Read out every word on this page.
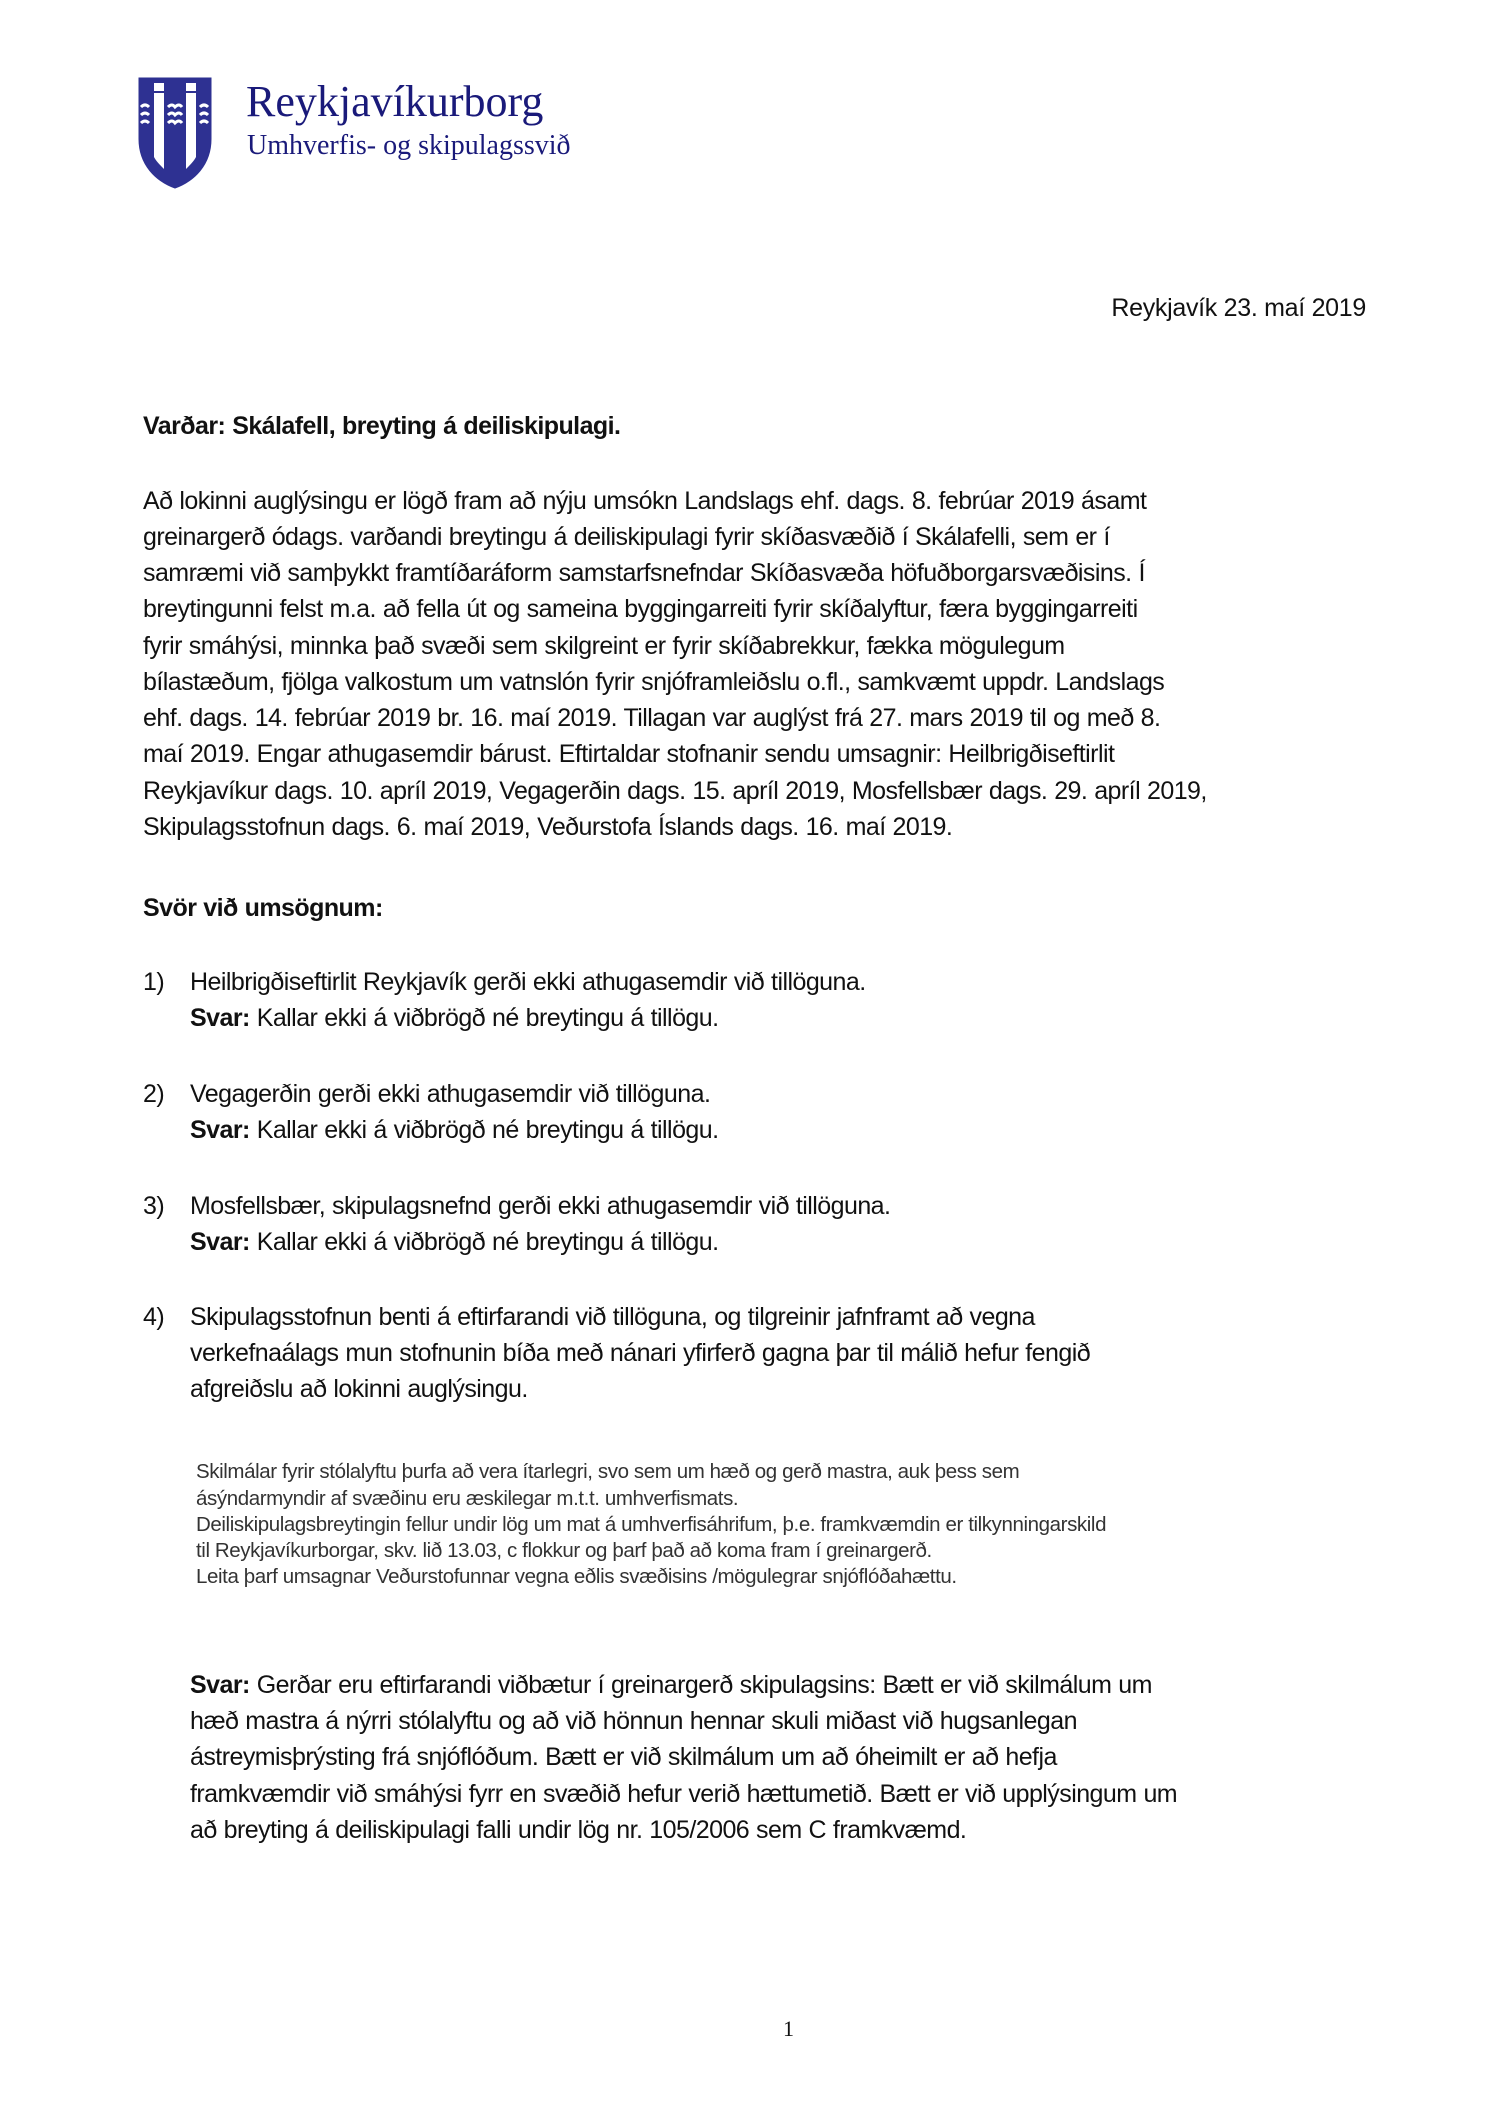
Reykjavíkurborg
Umhverfis- og skipulagssvið
Reykjavík 23. maí 2019
Varðar: Skálafell, breyting á deiliskipulagi.
Að lokinni auglýsingu er lögð fram að nýju umsókn Landslags ehf. dags. 8. febrúar 2019 ásamt
greinargerð ódags. varðandi breytingu á deiliskipulagi fyrir skíðasvæðið í Skálafelli, sem er í
samræmi við samþykkt framtíðaráform samstarfsnefndar Skíðasvæða höfuðborgarsvæðisins. Í
breytingunni felst m.a. að fella út og sameina byggingarreiti fyrir skíðalyftur, færa byggingarreiti
fyrir smáhýsi, minnka það svæði sem skilgreint er fyrir skíðabrekkur, fækka mögulegum
bílastæðum, fjölga valkostum um vatnslón fyrir snjóframleiðslu o.fl., samkvæmt uppdr. Landslags
ehf. dags. 14. febrúar 2019 br. 16. maí 2019. Tillagan var auglýst frá 27. mars 2019 til og með 8.
maí 2019. Engar athugasemdir bárust. Eftirtaldar stofnanir sendu umsagnir: Heilbrigðiseftirlit
Reykjavíkur dags. 10. apríl 2019, Vegagerðin dags. 15. apríl 2019, Mosfellsbær dags. 29. apríl 2019,
Skipulagsstofnun dags. 6. maí 2019, Veðurstofa Íslands dags. 16. maí 2019.
Svör við umsögnum:
1) Heilbrigðiseftirlit Reykjavík gerði ekki athugasemdir við tillöguna.
Svar: Kallar ekki á viðbrögð né breytingu á tillögu.
2) Vegagerðin gerði ekki athugasemdir við tillöguna.
Svar: Kallar ekki á viðbrögð né breytingu á tillögu.
3) Mosfellsbær, skipulagsnefnd gerði ekki athugasemdir við tillöguna.
Svar: Kallar ekki á viðbrögð né breytingu á tillögu.
4) Skipulagsstofnun benti á eftirfarandi við tillöguna, og tilgreinir jafnframt að vegna
verkefnaálags mun stofnunin bíða með nánari yfirferð gagna þar til málið hefur fengið
afgreiðslu að lokinni auglýsingu.
Skilmálar fyrir stólalyftu þurfa að vera ítarlegri, svo sem um hæð og gerð mastra, auk þess sem
ásýndarmyndir af svæðinu eru æskilegar m.t.t. umhverfismats.
Deiliskipulagsbreytingin fellur undir lög um mat á umhverfisáhrifum, þ.e. framkvæmdin er tilkynningarskild
til Reykjavíkurborgar, skv. lið 13.03, c flokkur og þarf það að koma fram í greinargerð.
Leita þarf umsagnar Veðurstofunnar vegna eðlis svæðisins /mögulegrar snjóflóðahættu.
Svar: Gerðar eru eftirfarandi viðbætur í greinargerð skipulagsins: Bætt er við skilmálum um
hæð mastra á nýrri stólalyftu og að við hönnun hennar skuli miðast við hugsanlegan
ástreymisþrýsting frá snjóflóðum. Bætt er við skilmálum um að óheimilt er að hefja
framkvæmdir við smáhýsi fyrr en svæðið hefur verið hættumetið. Bætt er við upplýsingum um
að breyting á deiliskipulagi falli undir lög nr. 105/2006 sem C framkvæmd.
1
